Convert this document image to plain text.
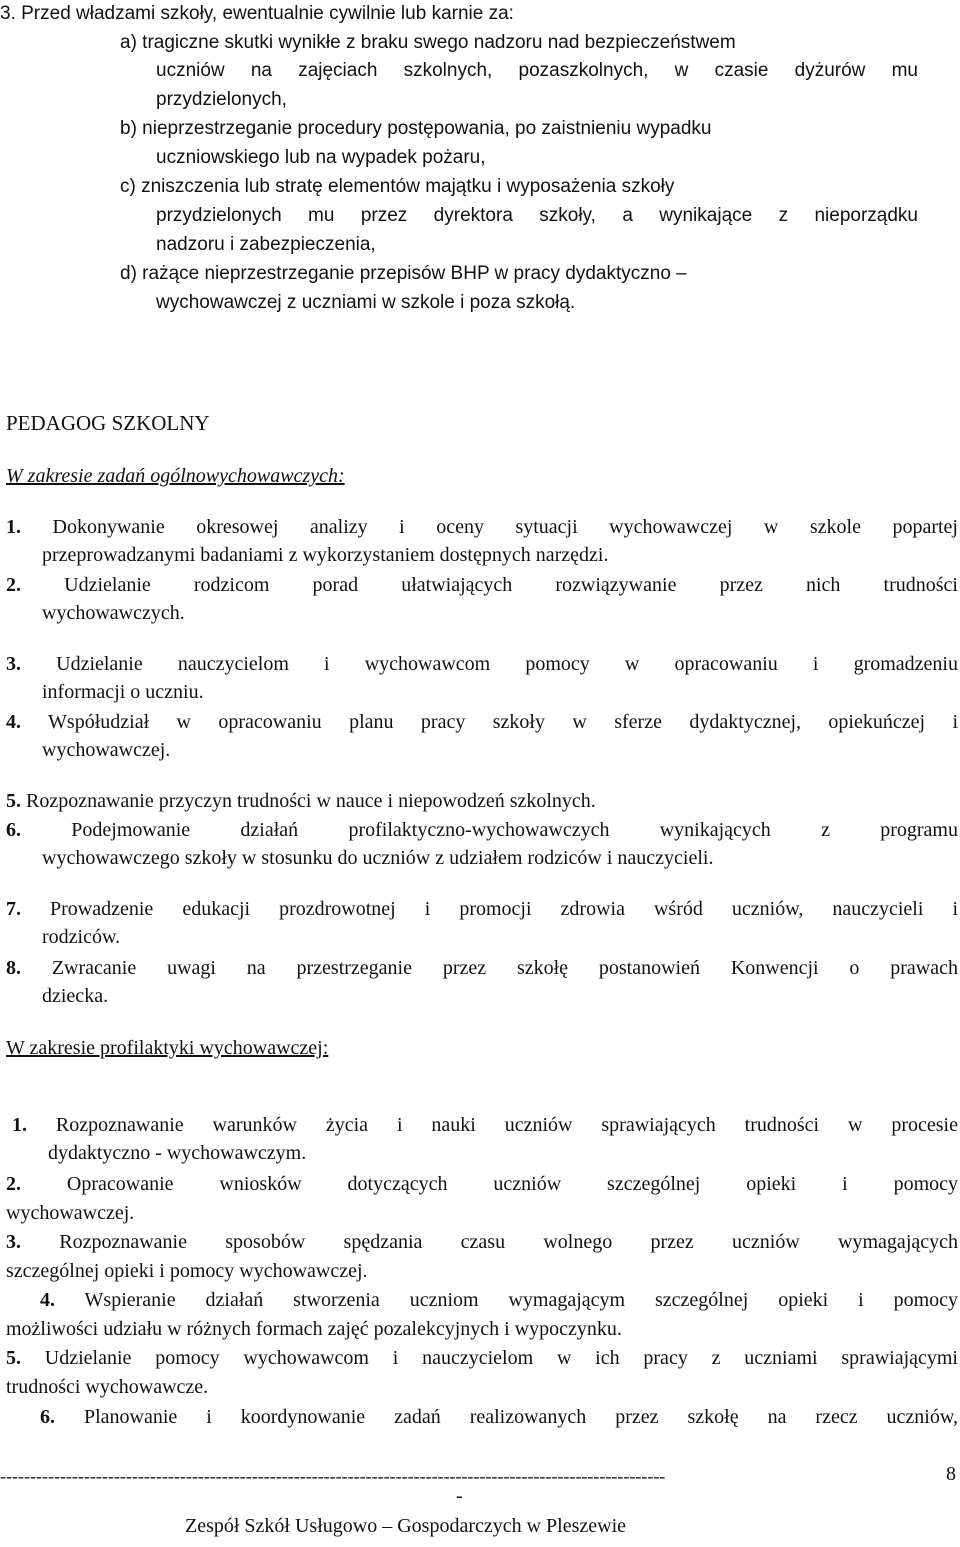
3. Przed władzami szkoły, ewentualnie cywilnie lub karnie za:
a) tragiczne skutki wynikłe z braku swego nadzoru nad bezpieczeństwem
uczniów na zajęciach szkolnych, pozaszkolnych, w czasie dyżurów mu
przydzielonych,
b) nieprzestrzeganie procedury postępowania, po zaistnieniu wypadku
uczniowskiego lub na wypadek pożaru,
c) zniszczenia lub stratę elementów majątku i wyposażenia szkoły
przydzielonych mu przez dyrektora szkoły, a wynikające z nieporządku
nadzoru i zabezpieczenia,
d) rażące nieprzestrzeganie przepisów BHP w pracy dydaktyczno –
wychowawczej z uczniami w szkole i poza szkołą.
PEDAGOG SZKOLNY
W zakresie zadań ogólnowychowawczych:
1. Dokonywanie okresowej analizy i oceny sytuacji wychowawczej w szkole popartej
przeprowadzanymi badaniami z wykorzystaniem dostępnych narzędzi.
2. Udzielanie rodzicom porad ułatwiających rozwiązywanie przez nich trudności
wychowawczych.
3. Udzielanie nauczycielom i wychowawcom pomocy w opracowaniu i gromadzeniu
informacji o uczniu.
4. Współudział w opracowaniu planu pracy szkoły w sferze dydaktycznej, opiekuńczej i
wychowawczej.
5. Rozpoznawanie przyczyn trudności w nauce i niepowodzeń szkolnych.
6. Podejmowanie działań profilaktyczno-wychowawczych wynikających z programu
wychowawczego szkoły w stosunku do uczniów z udziałem rodziców i nauczycieli.
7. Prowadzenie edukacji prozdrowotnej i promocji zdrowia wśród uczniów, nauczycieli i
rodziców.
8. Zwracanie uwagi na przestrzeganie przez szkołę postanowień Konwencji o prawach
dziecka.
W zakresie profilaktyki wychowawczej:
1. Rozpoznawanie warunków życia i nauki uczniów sprawiających trudności w procesie
dydaktyczno - wychowawczym.
2. Opracowanie wniosków dotyczących uczniów szczególnej opieki i pomocy
wychowawczej.
3. Rozpoznawanie sposobów spędzania czasu wolnego przez uczniów wymagających
szczególnej opieki i pomocy wychowawczej.
4. Wspieranie działań stworzenia uczniom wymagającym szczególnej opieki i pomocy
możliwości udziału w różnych formach zajęć pozalekcyjnych i wypoczynku.
5. Udzielanie pomocy wychowawcom i nauczycielom w ich pracy z uczniami sprawiającymi
trudności wychowawcze.
6. Planowanie i koordynowanie zadań realizowanych przez szkołę na rzecz uczniów,
---------------------------------------------------------------------------------------------------------------	8
-
Zespół Szkół Usługowo – Gospodarczych w Pleszewie
